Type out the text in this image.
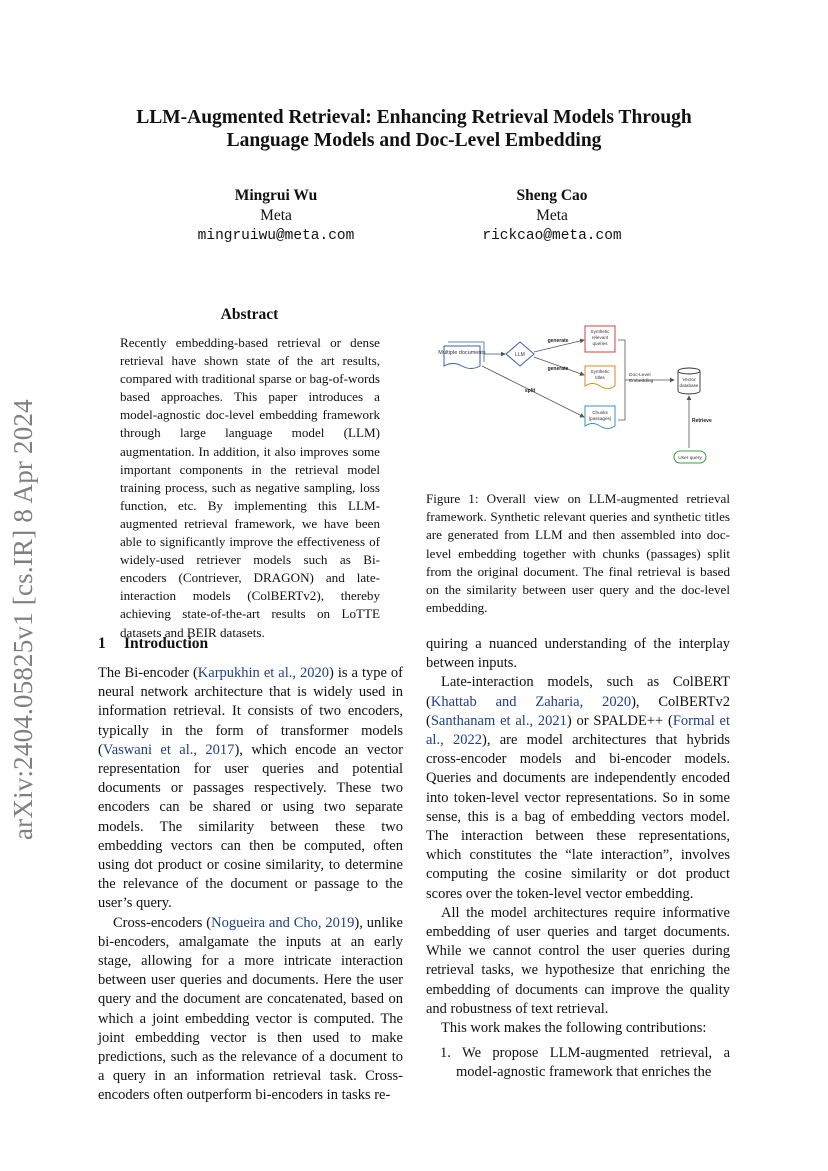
arXiv:2404.05825v1 [cs.IR] 8 Apr 2024
LLM-Augmented Retrieval: Enhancing Retrieval Models Through
Language Models and Doc-Level Embedding
Mingrui Wu
Meta
mingruiwu@meta.com
Sheng Cao
Meta
rickcao@meta.com
Abstract
Recently embedding-based retrieval or dense retrieval have shown state of the art results, compared with traditional sparse or bag-of-words based approaches. This paper introduces a model-agnostic doc-level embedding framework through large language model (LLM) augmentation. In addition, it also improves some important components in the retrieval model training process, such as negative sampling, loss function, etc. By implementing this LLM-augmented retrieval framework, we have been able to significantly improve the effectiveness of widely-used retriever models such as Bi-encoders (Contriever, DRAGON) and late-interaction models (ColBERTv2), thereby achieving state-of-the-art results on LoTTE datasets and BEIR datasets.
Multiple documents	LLM
generate
generate
split
Synthetic
relevant
queries
Synthetic
titles
Chunks
(passages)
Doc-Level
Embedding	Vector
database
Retrieve
User query
Figure 1: Overall view on LLM-augmented retrieval framework. Synthetic relevant queries and synthetic titles are generated from LLM and then assembled into doc-level embedding together with chunks (passages) split from the original document. The final retrieval is based on the similarity between user query and the doc-level embedding.
1 Introduction

The Bi-encoder (Karpukhin et al., 2020) is a type of neural network architecture that is widely used in information retrieval. It consists of two encoders, typically in the form of transformer models (Vaswani et al., 2017), which encode an vector representation for user queries and potential documents or passages respectively. These two encoders can be shared or using two separate models. The similarity between these two embedding vectors can then be computed, often using dot product or cosine similarity, to determine the relevance of the document or passage to the user’s query.

Cross-encoders (Nogueira and Cho, 2019), unlike bi-encoders, amalgamate the inputs at an early stage, allowing for a more intricate interaction between user queries and documents. Here the user query and the document are concatenated, based on which a joint embedding vector is computed. The joint embedding vector is then used to make predictions, such as the relevance of a document to a query in an information retrieval task. Cross-encoders often outperform bi-encoders in tasks re-

quiring a nuanced understanding of the interplay between inputs.

Late-interaction models, such as ColBERT (Khattab and Zaharia, 2020), ColBERTv2 (Santhanam et al., 2021) or SPALDE++ (Formal et al., 2022), are model architectures that hybrids cross-encoder models and bi-encoder models. Queries and documents are independently encoded into token-level vector representations. So in some sense, this is a bag of embedding vectors model. The interaction between these representations, which constitutes the “late interaction”, involves computing the cosine similarity or dot product scores over the token-level vector embedding.

All the model architectures require informative embedding of user queries and target documents. While we cannot control the user queries during retrieval tasks, we hypothesize that enriching the embedding of documents can improve the quality and robustness of text retrieval.

This work makes the following contributions:

1. We propose LLM-augmented retrieval, a model-agnostic framework that enriches the
